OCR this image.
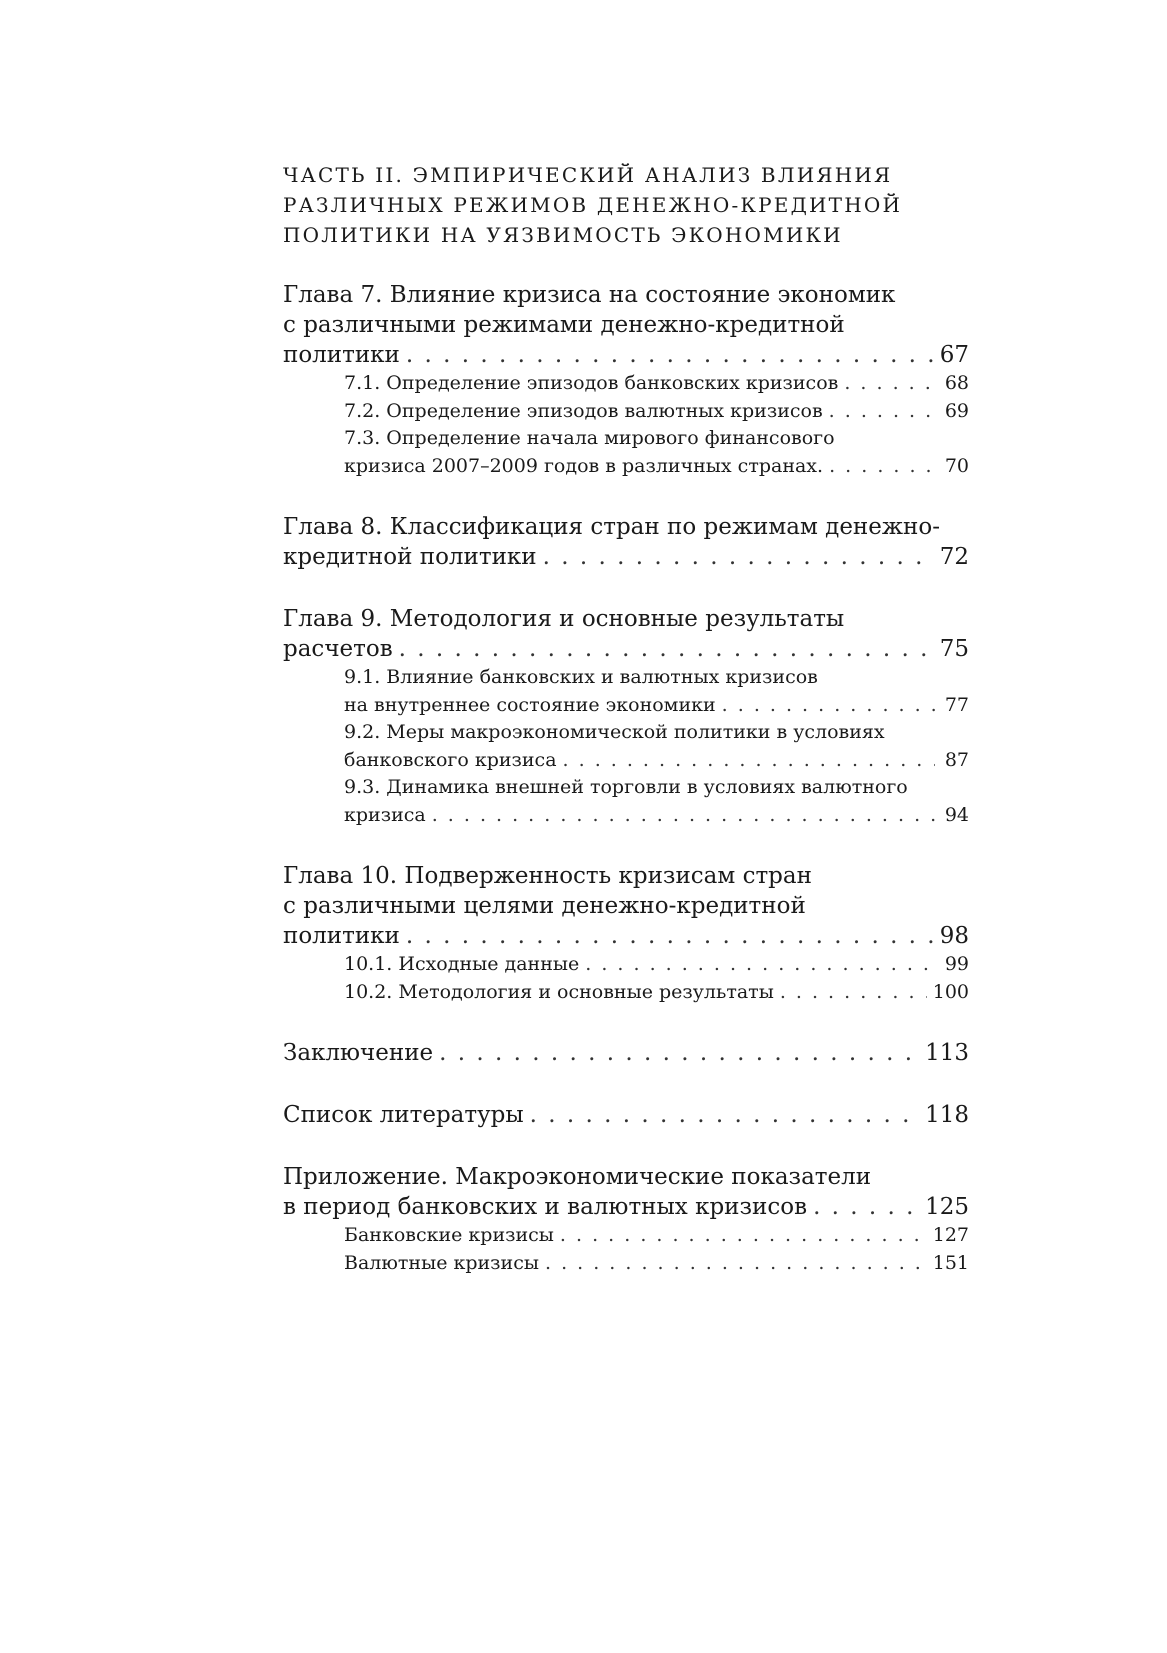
ЧАСТЬ II. ЭМПИРИЧЕСКИЙ АНАЛИЗ ВЛИЯНИЯ
РАЗЛИЧНЫХ РЕЖИМОВ ДЕНЕЖНО-КРЕДИТНОЙ
ПОЛИТИКИ НА УЯЗВИМОСТЬ ЭКОНОМИКИ
Глава 7. Влияние кризиса на состояние экономик
с различными режимами денежно-кредитной
политики . . .	67
7.1. Определение эпизодов банковских кризисов . . .	68
7.2. Определение эпизодов валютных кризисов . . .	69
7.3. Определение начала мирового финансового
кризиса 2007–2009 годов в различных странах. . . .	70
Глава 8. Классификация стран по режимам денежно-
кредитной политики . . .	72
Глава 9. Методология и основные результаты
расчетов . . .	75
9.1. Влияние банковских и валютных кризисов
на внутреннее состояние экономики . . .	77
9.2. Меры макроэкономической политики в условиях
банковского кризиса . . .	87
9.3. Динамика внешней торговли в условиях валютного
кризиса . . .	94
Глава 10. Подверженность кризисам стран
с различными целями денежно-кредитной
политики . . .	98
10.1. Исходные данные . . .	99
10.2. Методология и основные результаты . . .	100
Заключение . . .	113
Список литературы . . .	118
Приложение. Макроэкономические показатели
в период банковских и валютных кризисов . . .	125
Банковские кризисы . . .	127
Валютные кризисы . . .	151
